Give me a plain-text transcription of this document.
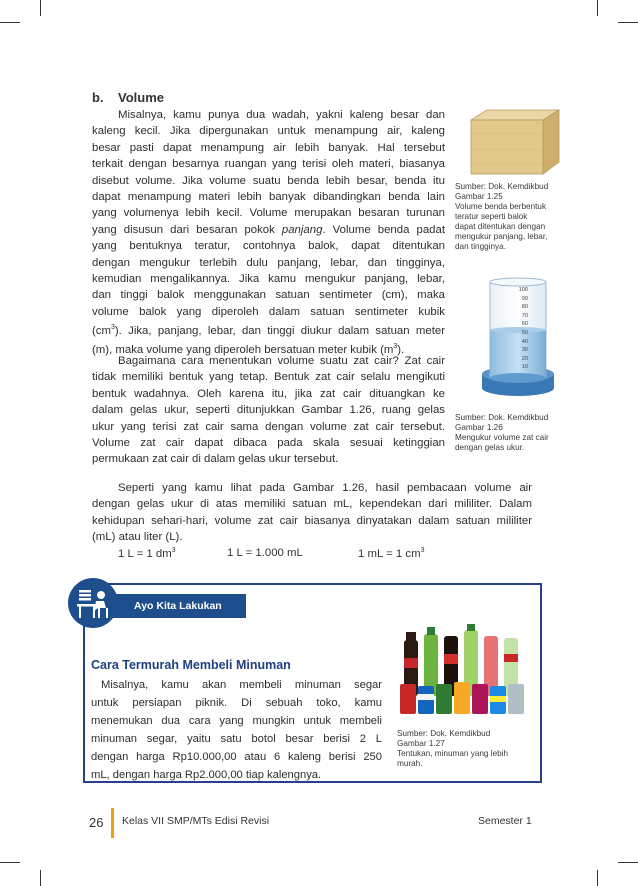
b. Volume
Misalnya, kamu punya dua wadah, yakni kaleng besar dan
kaleng kecil. Jika dipergunakan untuk menampung air, kaleng
besar pasti dapat menampung air lebih banyak. Hal tersebut
terkait dengan besarnya ruangan yang terisi oleh materi, biasanya
disebut volume. Jika volume suatu benda lebih besar, benda itu
dapat menampung materi lebih banyak dibandingkan benda lain
yang volumenya lebih kecil. Volume merupakan besaran turunan
yang disusun dari besaran pokok panjang. Volume benda padat
yang bentuknya teratur, contohnya balok, dapat ditentukan
dengan mengukur terlebih dulu panjang, lebar, dan tingginya,
kemudian mengalikannya. Jika kamu mengukur panjang, lebar,
dan tinggi balok menggunakan satuan sentimeter (cm), maka
volume balok yang diperoleh dalam satuan sentimeter kubik
$(cm^3)$. Jika, panjang, lebar, dan tinggi diukur dalam satuan meter
(m), maka volume yang diperoleh bersatuan meter kubik $(m^3)$.
Bagaimana cara menentukan volume suatu zat cair? Zat cair
tidak memiliki bentuk yang tetap. Bentuk zat cair selalu mengikuti
bentuk wadahnya. Oleh karena itu, jika zat cair dituangkan ke
dalam gelas ukur, seperti ditunjukkan Gambar 1.26, ruang gelas
ukur yang terisi zat cair sama dengan volume zat cair tersebut.
Volume zat cair dapat dibaca pada skala sesuai ketinggian
permukaan zat cair di dalam gelas ukur tersebut.
Sumber: Dok. Kemdikbud
Gambar 1.25
Volume benda berbentuk
teratur seperti balok
dapat ditentukan dengan
mengukur panjang, lebar,
dan tingginya.
100
90
80
70
60
50
40
30
20
10
Sumber: Dok. Kemdikbud
Gambar 1.26
Mengukur volume zat cair
dengan gelas ukur.
Seperti yang kamu lihat pada Gambar 1.26, hasil pembacaan volume air
dengan gelas ukur di atas memiliki satuan mL, kependekan dari mililiter. Dalam
kehidupan sehari-hari, volume zat cair biasanya dinyatakan dalam satuan mililiter
(mL) atau liter (L).
1 L = 1 $dm^3$	1 L = 1.000 mL	1 mL = 1 $cm^3$
Ayo Kita Lakukan
Cara Termurah Membeli Minuman
Misalnya, kamu akan membeli minuman segar
untuk persiapan piknik. Di sebuah toko, kamu
menemukan dua cara yang mungkin untuk membeli
minuman segar, yaitu satu botol besar berisi 2 L
dengan harga Rp10.000,00 atau 6 kaleng berisi 250
mL, dengan harga Rp2.000,00 tiap kalengnya.
Sumber: Dok. Kemdikbud
Gambar 1.27
Tentukan, minuman yang lebih
murah.
26 Kelas VII SMP/MTs Edisi Revisi	Semester 1
